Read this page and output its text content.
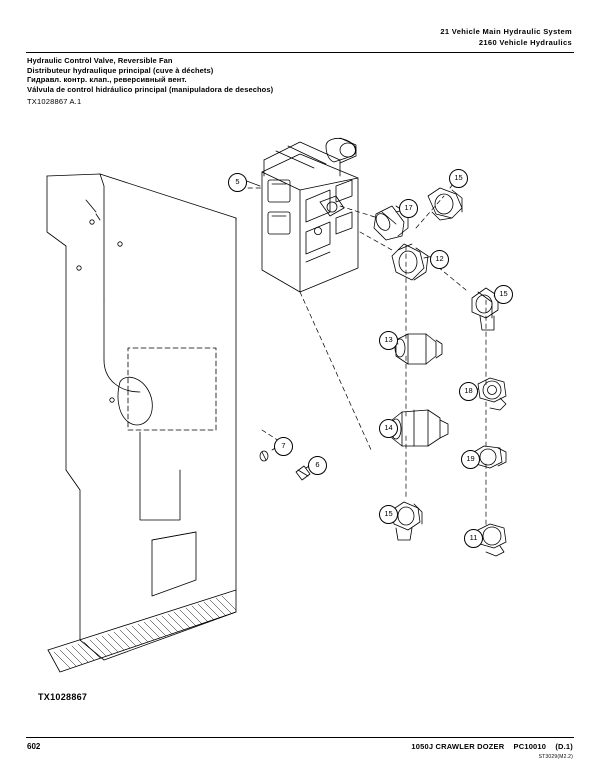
21 Vehicle Main Hydraulic System
2160 Vehicle Hydraulics
Hydraulic Control Valve, Reversible Fan
Distributeur hydraulique principal (cuve à déchets)
Гидравл. контр. клап., реверсивный вент.
Válvula de control hidráulico principal (manipuladora de desechos)
TX1028867 A.1
5	15
17
12
15
13
18
14
19
7
6
15
11
TX1028867
602	1050J CRAWLER DOZER PC10010 (D.1)
ST3029(M2.2)
